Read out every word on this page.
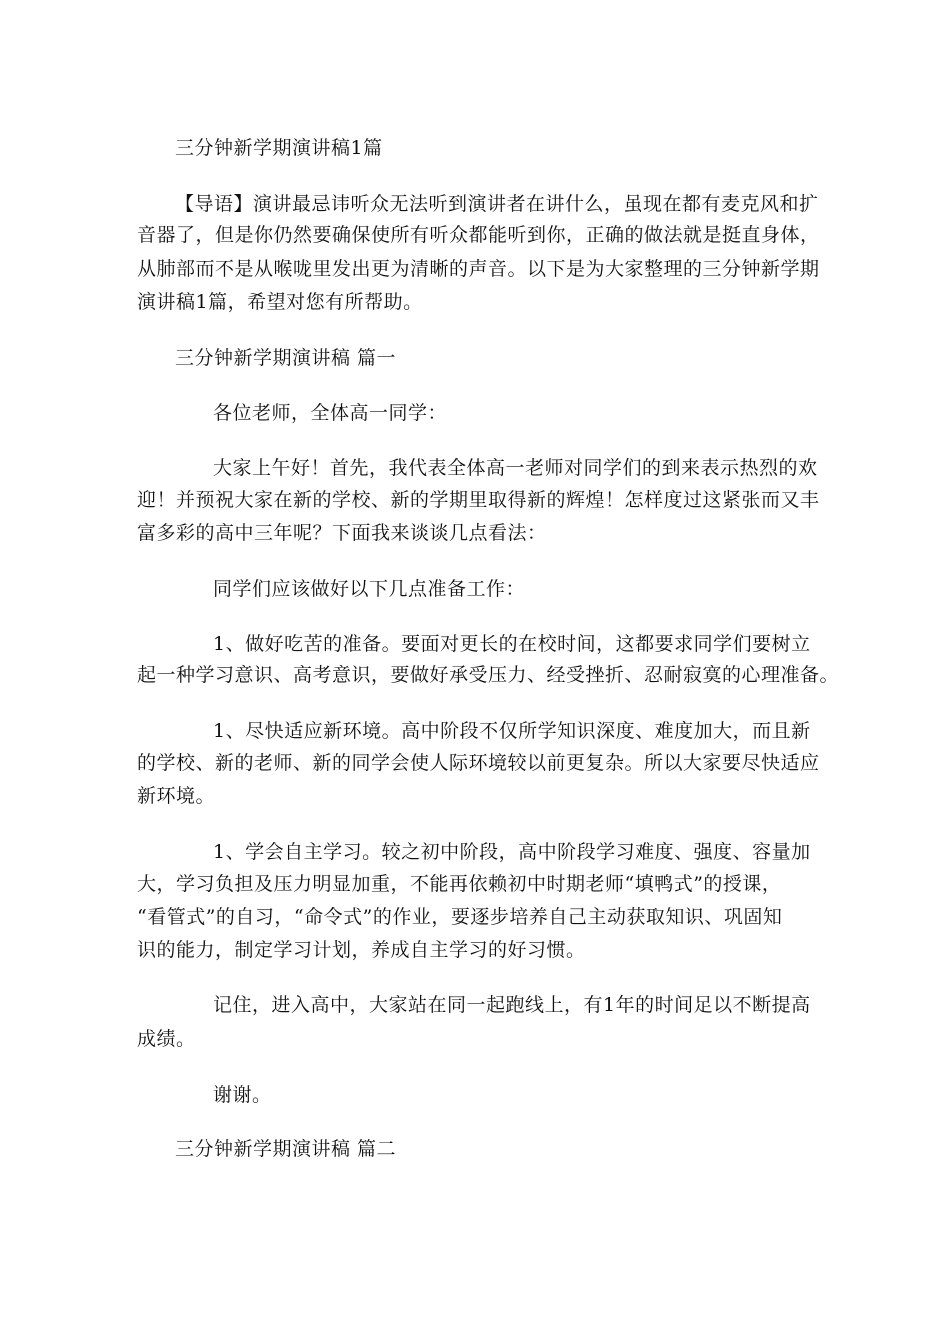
三分钟新学期演讲稿1篇
【导语】演讲最忌讳听众无法听到演讲者在讲什么，虽现在都有麦克风和扩
音器了，但是你仍然要确保使所有听众都能听到你，正确的做法就是挺直身体，
从肺部而不是从喉咙里发出更为清晰的声音。以下是为大家整理的三分钟新学期
演讲稿1篇，希望对您有所帮助。
三分钟新学期演讲稿 篇一
各位老师，全体高一同学：
大家上午好！首先，我代表全体高一老师对同学们的到来表示热烈的欢
迎！并预祝大家在新的学校、新的学期里取得新的辉煌！怎样度过这紧张而又丰
富多彩的高中三年呢？下面我来谈谈几点看法：
同学们应该做好以下几点准备工作：
1、做好吃苦的准备。要面对更长的在校时间，这都要求同学们要树立
起一种学习意识、高考意识，要做好承受压力、经受挫折、忍耐寂寞的心理准备。
1、尽快适应新环境。高中阶段不仅所学知识深度、难度加大，而且新
的学校、新的老师、新的同学会使人际环境较以前更复杂。所以大家要尽快适应
新环境。
1、学会自主学习。较之初中阶段，高中阶段学习难度、强度、容量加
大，学习负担及压力明显加重，不能再依赖初中时期老师“填鸭式”的授课，
“看管式”的自习，“命令式”的作业，要逐步培养自己主动获取知识、巩固知
识的能力，制定学习计划，养成自主学习的好习惯。
记住，进入高中，大家站在同一起跑线上，有1年的时间足以不断提高
成绩。
谢谢。
三分钟新学期演讲稿 篇二
